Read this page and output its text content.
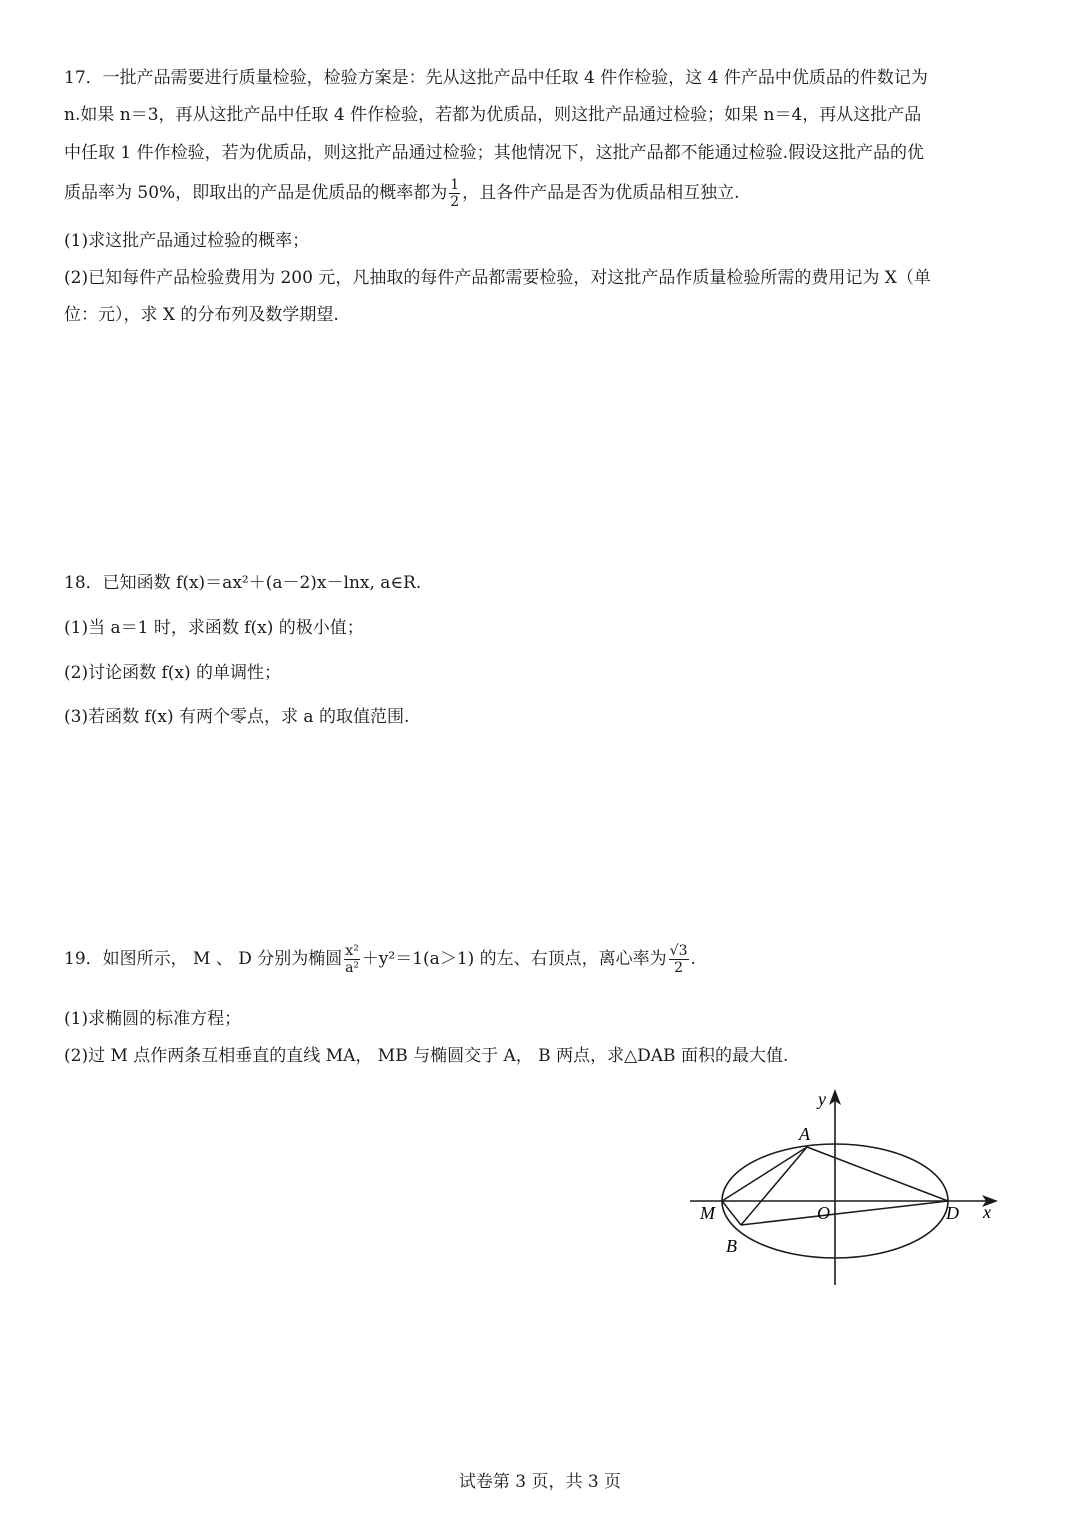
17．一批产品需要进行质量检验，检验方案是：先从这批产品中任取 4 件作检验，这 4 件产品中优质品的件数记为
n.如果 n＝3，再从这批产品中任取 4 件作检验，若都为优质品，则这批产品通过检验；如果 n＝4，再从这批产品
中任取 1 件作检验，若为优质品，则这批产品通过检验；其他情况下，这批产品都不能通过检验.假设这批产品的优
质品率为 50%，即取出的产品是优质品的概率都为 $\frac{1}{2}$ ，且各件产品是否为优质品相互独立.
(1)求这批产品通过检验的概率；
(2)已知每件产品检验费用为 200 元，凡抽取的每件产品都需要检验，对这批产品作质量检验所需的费用记为 X（单
位：元），求 X 的分布列及数学期望.
18．已知函数 f(x)＝ax²＋(a－2)x－lnx, a∈R.
(1)当 a＝1 时，求函数 f(x) 的极小值；
(2)讨论函数 f(x) 的单调性；
(3)若函数 f(x) 有两个零点，求 a 的取值范围.
19．如图所示， M 、 D 分别为椭圆 $\frac{\text{x²}}{\text{a²}} +y^2=1(a>1)$ 的左、右顶点，离心率为 $\frac{√3}{2}$ .
(1)求椭圆的标准方程；
(2)过 M 点作两条互相垂直的直线 MA， MB 与椭圆交于 A， B 两点，求△DAB 面积的最大值.
y
x
A
M	O	D
B
试卷第 3 页，共 3 页
